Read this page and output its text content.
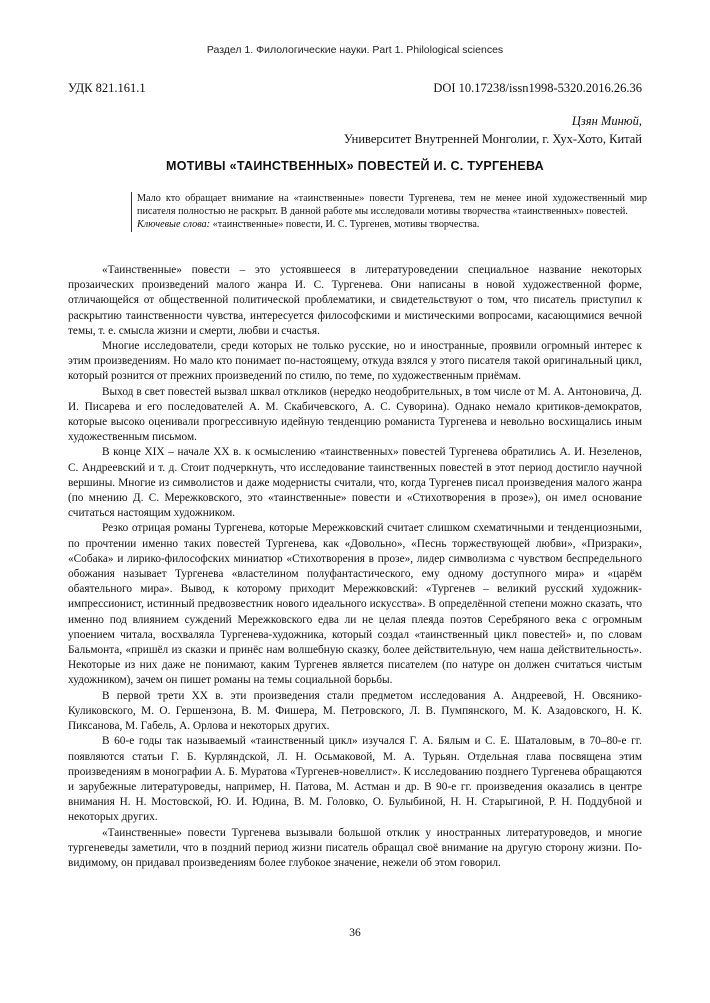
Раздел 1. Филологические науки. Part 1. Philological sciences
УДК 821.161.1	DOI 10.17238/issn1998-5320.2016.26.36
Цзян Минюй,
Университет Внутренней Монголии, г. Хух-Хото, Китай
МОТИВЫ «ТАИНСТВЕННЫХ» ПОВЕСТЕЙ И. С. ТУРГЕНЕВА
Мало кто обращает внимание на «таинственные» повести Тургенева, тем не менее иной художественный мир писателя полностью не раскрыт. В данной работе мы исследовали мотивы творчества «таинственных» повестей.
Ключевые слова: «таинственные» повести, И. С. Тургенев, мотивы творчества.

«Таинственные» повести – это устоявшееся в литературоведении специальное название некоторых прозаических произведений малого жанра И. С. Тургенева. Они написаны в новой художественной форме, отличающейся от общественной политической проблематики, и свидетельствуют о том, что писатель приступил к раскрытию таинственности чувства, интересуется философскими и мистическими вопросами, касающимися вечной темы, т. е. смысла жизни и смерти, любви и счастья.

Многие исследователи, среди которых не только русские, но и иностранные, проявили огромный интерес к этим произведениям. Но мало кто понимает по-настоящему, откуда взялся у этого писателя такой оригинальный цикл, который рознится от прежних произведений по стилю, по теме, по художественным приёмам.

Выход в свет повестей вызвал шквал откликов (нередко неодобрительных, в том числе от М. А. Антоновича, Д. И. Писарева и его последователей А. М. Скабичевского, А. С. Суворина). Однако немало критиков-демократов, которые высоко оценивали прогрессивную идейную тенденцию романиста Тургенева и невольно восхищались иным художественным письмом.

В конце XIX – начале XX в. к осмыслению «таинственных» повестей Тургенева обратились А. И. Незеленов, С. Андреевский и т. д. Стоит подчеркнуть, что исследование таинственных повестей в этот период достигло научной вершины. Многие из символистов и даже модернисты считали, что, когда Тургенев писал произведения малого жанра (по мнению Д. С. Мережковского, это «таинственные» повести и «Стихотворения в прозе»), он имел основание считаться настоящим художником.

Резко отрицая романы Тургенева, которые Мережковский считает слишком схематичными и тенденциозными, по прочтении именно таких повестей Тургенева, как «Довольно», «Песнь торжествующей любви», «Призраки», «Собака» и лирико-философских миниатюр «Стихотворения в прозе», лидер символизма с чувством беспредельного обожания называет Тургенева «властелином полуфантастического, ему одному доступного мира» и «царём обаятельного мира». Вывод, к которому приходит Мережковский: «Тургенев – великий русский художник-импрессионист, истинный предвозвестник нового идеального искусства». В определённой степени можно сказать, что именно под влиянием суждений Мережковского едва ли не целая плеяда поэтов Серебряного века с огромным упоением читала, восхваляла Тургенева-художника, который создал «таинственный цикл повестей» и, по словам Бальмонта, «пришёл из сказки и принёс нам волшебную сказку, более действительную, чем наша действительность». Некоторые из них даже не понимают, каким Тургенев является писателем (по натуре он должен считаться чистым художником), зачем он пишет романы на темы социальной борьбы.

В первой трети XX в. эти произведения стали предметом исследования А. Андреевой, Н. Овсянико-Куликовского, М. О. Гершензона, В. М. Фишера, М. Петровского, Л. В. Пумпянского, М. К. Азадовского, Н. К. Пиксанова, М. Габель, А. Орлова и некоторых других.

В 60-е годы так называемый «таинственный цикл» изучался Г. А. Бялым и С. Е. Шаталовым, в 70–80-е гг. появляются статьи Г. Б. Курляндской, Л. Н. Осьмаковой, М. А. Турьян. Отдельная глава посвящена этим произведениям в монографии А. Б. Муратова «Тургенев-новеллист». К исследованию позднего Тургенева обращаются и зарубежные литературоведы, например, Н. Патова, М. Астман и др. В 90-е гг. произведения оказались в центре внимания Н. Н. Мостовской, Ю. И. Юдина, В. М. Головко, О. Булыбиной, Н. Н. Старыгиной, Р. Н. Поддубной и некоторых других.

«Таинственные» повести Тургенева вызывали большой отклик у иностранных литературоведов, и многие тургеневеды заметили, что в поздний период жизни писатель обращал своё внимание на другую сторону жизни. По-видимому, он придавал произведениям более глубокое значение, нежели об этом говорил.

36
